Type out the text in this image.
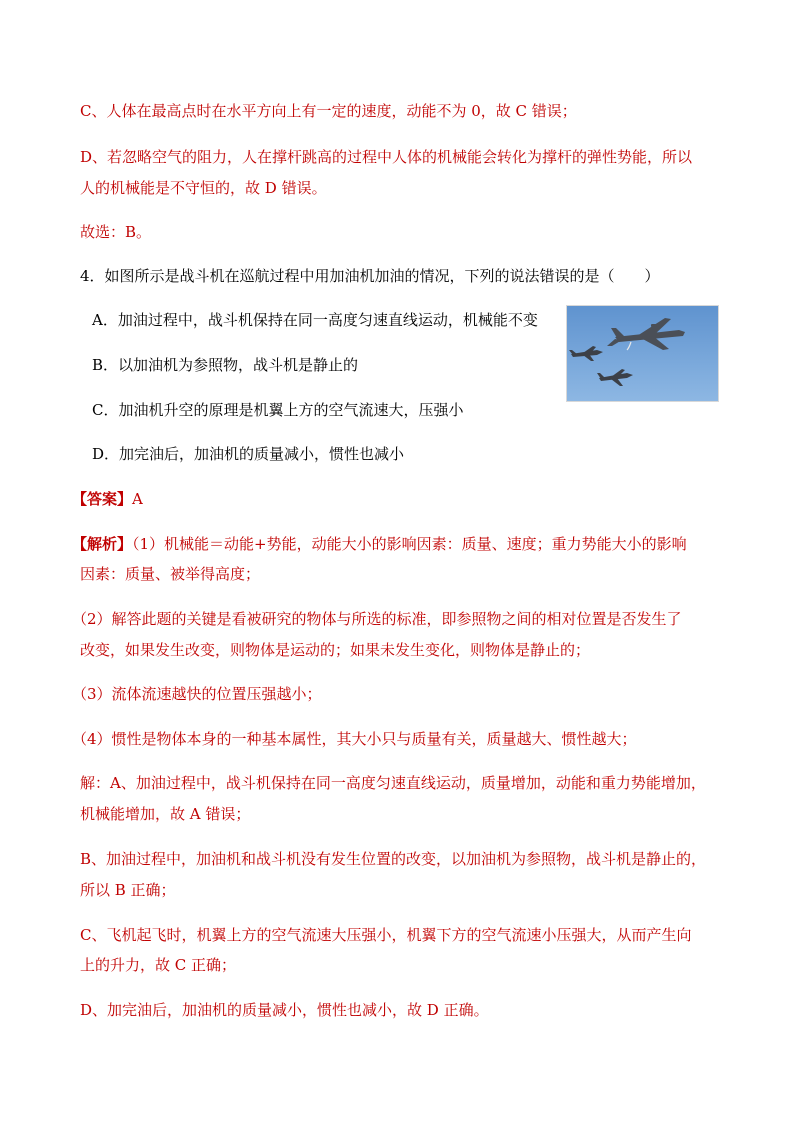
C、人体在最高点时在水平方向上有一定的速度，动能不为 0，故 C 错误；
D、若忽略空气的阻力，人在撑杆跳高的过程中人体的机械能会转化为撑杆的弹性势能，所以
人的机械能是不守恒的，故 D 错误。
故选：B。
4．如图所示是战斗机在巡航过程中用加油机加油的情况，下列的说法错误的是（　　）
A．加油过程中，战斗机保持在同一高度匀速直线运动，机械能不变
B．以加油机为参照物，战斗机是静止的
C．加油机升空的原理是机翼上方的空气流速大，压强小
D．加完油后，加油机的质量减小，惯性也减小
【答案】A
【解析】（1）机械能＝动能+势能，动能大小的影响因素：质量、速度；重力势能大小的影响
因素：质量、被举得高度；
（2）解答此题的关键是看被研究的物体与所选的标准，即参照物之间的相对位置是否发生了
改变，如果发生改变，则物体是运动的；如果未发生变化，则物体是静止的；
（3）流体流速越快的位置压强越小；
（4）惯性是物体本身的一种基本属性，其大小只与质量有关，质量越大、惯性越大；
解：A、加油过程中，战斗机保持在同一高度匀速直线运动，质量增加，动能和重力势能增加，
机械能增加，故 A 错误；
B、加油过程中，加油机和战斗机没有发生位置的改变，以加油机为参照物，战斗机是静止的，
所以 B 正确；
C、飞机起飞时，机翼上方的空气流速大压强小，机翼下方的空气流速小压强大，从而产生向
上的升力，故 C 正确；
D、加完油后，加油机的质量减小，惯性也减小，故 D 正确。
